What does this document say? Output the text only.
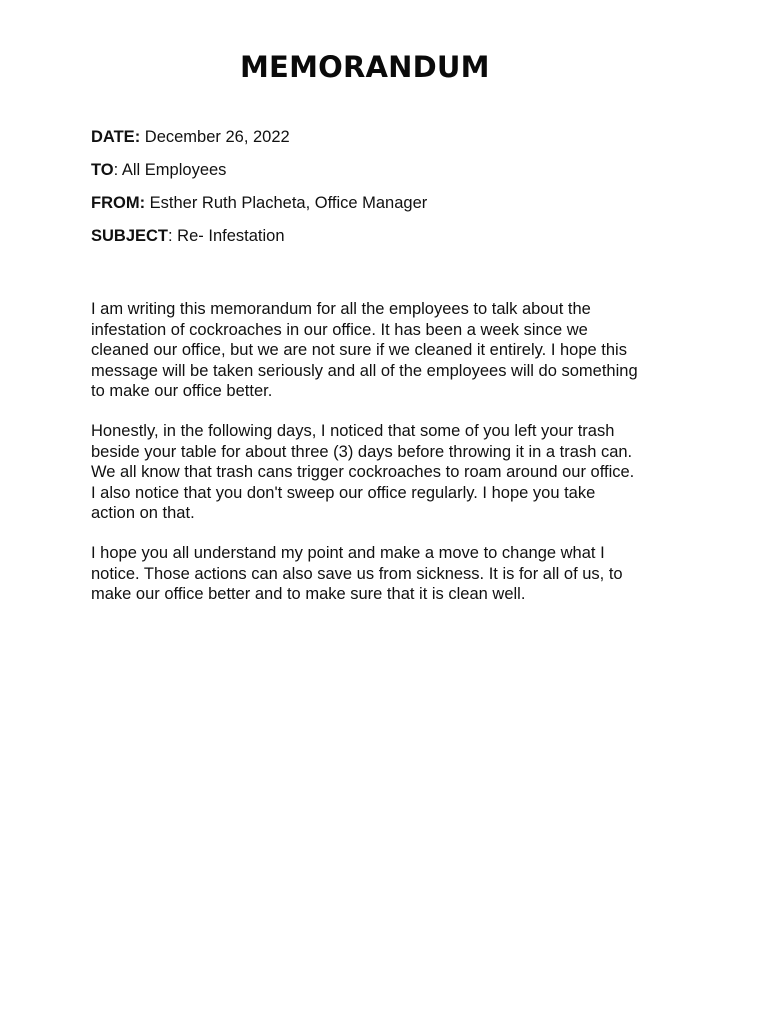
MEMORANDUM
DATE: December 26, 2022
TO: All Employees
FROM: Esther Ruth Placheta, Office Manager
SUBJECT: Re- Infestation

I am writing this memorandum for all the employees to talk about the
infestation of cockroaches in our office. It has been a week since we
cleaned our office, but we are not sure if we cleaned it entirely. I hope this
message will be taken seriously and all of the employees will do something
to make our office better.

Honestly, in the following days, I noticed that some of you left your trash
beside your table for about three (3) days before throwing it in a trash can.
We all know that trash cans trigger cockroaches to roam around our office.
I also notice that you don't sweep our office regularly. I hope you take
action on that.

I hope you all understand my point and make a move to change what I
notice. Those actions can also save us from sickness. It is for all of us, to
make our office better and to make sure that it is clean well.
